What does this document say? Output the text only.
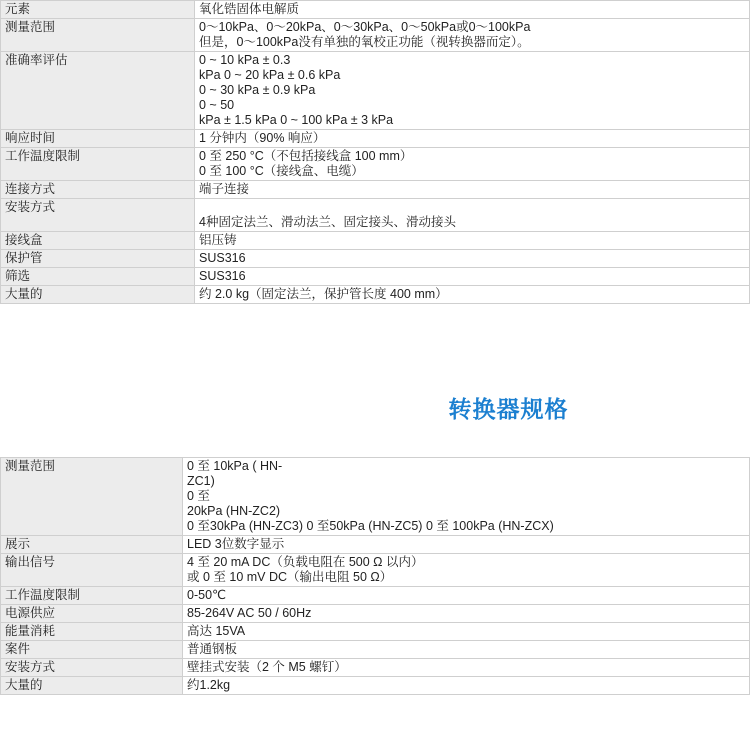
元素	氧化锆固体电解质

测量范围	0～10kPa、0～20kPa、0～30kPa、0～50kPa或0～100kPa
但是，0～100kPa没有单独的氧校正功能（视转换器而定）。

准确率评估	0 ~ 10 kPa ± 0.3
kPa 0 ~ 20 kPa ± 0.6 kPa
0 ~ 30 kPa ± 0.9 kPa
0 ~ 50
kPa ± 1.5 kPa 0 ~ 100 kPa ± 3 kPa

响应时间	1 分钟内（90% 响应）

工作温度限制	0 至 250 °C（不包括接线盒 100 mm）
0 至 100 °C（接线盒、电缆）

连接方式	端子连接

安装方式	4种固定法兰、滑动法兰、固定接头、滑动接头

接线盒	铝压铸

保护管	SUS316

筛选	SUS316

大量的	约 2.0 kg（固定法兰，保护管长度 400 mm）
转换器规格
测量范围	0 至 10kPa ( HN-
ZC1)
0 至
20kPa (HN-ZC2)
0 至30kPa (HN-ZC3) 0 至50kPa (HN-ZC5) 0 至 100kPa (HN-ZCX)

展示	LED 3位数字显示

输出信号	4 至 20 mA DC（负载电阻在 500 Ω 以内）
或 0 至 10 mV DC（输出电阻 50 Ω）

工作温度限制	0-50℃

电源供应	85-264V AC 50 / 60Hz

能量消耗	高达 15VA

案件	普通钢板

安装方式	壁挂式安装（2 个 M5 螺钉）

大量的	约1.2kg
